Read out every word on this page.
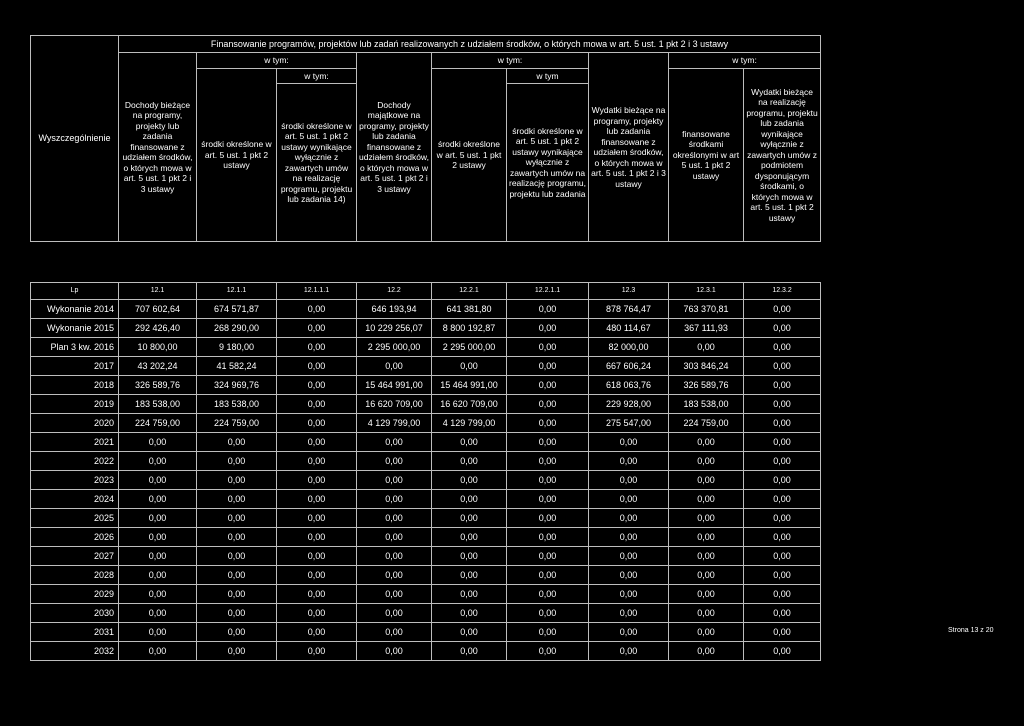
Wyszczególnienie	Finansowanie programów, projektów lub zadań realizowanych z udziałem środków, o których mowa w art. 5 ust. 1 pkt 2 i 3 ustawy								
	Dochody bieżące na programy, projekty lub zadania finansowane z udziałem środków, o których mowa w art. 5 ust. 1 pkt 2 i 3 ustawy	w tym:		Dochody majątkowe na programy, projekty lub zadania finansowane z udziałem środków, o których mowa w art. 5 ust. 1 pkt 2 i 3 ustawy	w tym:		Wydatki bieżące na programy, projekty lub zadania finansowane z udziałem środków, o których mowa w art. 5 ust. 1 pkt 2 i 3 ustawy	w tym:	
		środki określone w art. 5 ust. 1 pkt 2 ustawy	w tym:		środki określone w art. 5 ust. 1 pkt 2 ustawy	w tym		finansowane środkami określonymi w art 5 ust. 1 pkt 2 ustawy	Wydatki bieżące na realizację programu, projektu lub zadania wynikające wyłącznie z zawartych umów z podmiotem dysponującym środkami, o których mowa w art. 5 ust. 1 pkt 2 ustawy
			środki określone w art. 5 ust. 1 pkt 2 ustawy wynikające wyłącznie z zawartych umów na realizację programu, projektu lub zadania 14)			środki określone w art. 5 ust. 1 pkt 2 ustawy wynikające wyłącznie z zawartych umów na realizację programu, projektu lub zadania			

Lp	12.1	12.1.1	12.1.1.1	12.2	12.2.1	12.2.1.1	12.3	12.3.1	12.3.2
Wykonanie 2014	707 602,64	674 571,87	0,00	646 193,94	641 381,80	0,00	878 764,47	763 370,81	0,00
Wykonanie 2015	292 426,40	268 290,00	0,00	10 229 256,07	8 800 192,87	0,00	480 114,67	367 111,93	0,00
Plan 3 kw. 2016	10 800,00	9 180,00	0,00	2 295 000,00	2 295 000,00	0,00	82 000,00	0,00	0,00
2017	43 202,24	41 582,24	0,00	0,00	0,00	0,00	667 606,24	303 846,24	0,00
2018	326 589,76	324 969,76	0,00	15 464 991,00	15 464 991,00	0,00	618 063,76	326 589,76	0,00
2019	183 538,00	183 538,00	0,00	16 620 709,00	16 620 709,00	0,00	229 928,00	183 538,00	0,00
2020	224 759,00	224 759,00	0,00	4 129 799,00	4 129 799,00	0,00	275 547,00	224 759,00	0,00
2021	0,00	0,00	0,00	0,00	0,00	0,00	0,00	0,00	0,00
2022	0,00	0,00	0,00	0,00	0,00	0,00	0,00	0,00	0,00
2023	0,00	0,00	0,00	0,00	0,00	0,00	0,00	0,00	0,00
2024	0,00	0,00	0,00	0,00	0,00	0,00	0,00	0,00	0,00
2025	0,00	0,00	0,00	0,00	0,00	0,00	0,00	0,00	0,00
2026	0,00	0,00	0,00	0,00	0,00	0,00	0,00	0,00	0,00
2027	0,00	0,00	0,00	0,00	0,00	0,00	0,00	0,00	0,00
2028	0,00	0,00	0,00	0,00	0,00	0,00	0,00	0,00	0,00
2029	0,00	0,00	0,00	0,00	0,00	0,00	0,00	0,00	0,00
2030	0,00	0,00	0,00	0,00	0,00	0,00	0,00	0,00	0,00
2031	0,00	0,00	0,00	0,00	0,00	0,00	0,00	0,00	0,00
2032	0,00	0,00	0,00	0,00	0,00	0,00	0,00	0,00	0,00
Strona 13 z 20
